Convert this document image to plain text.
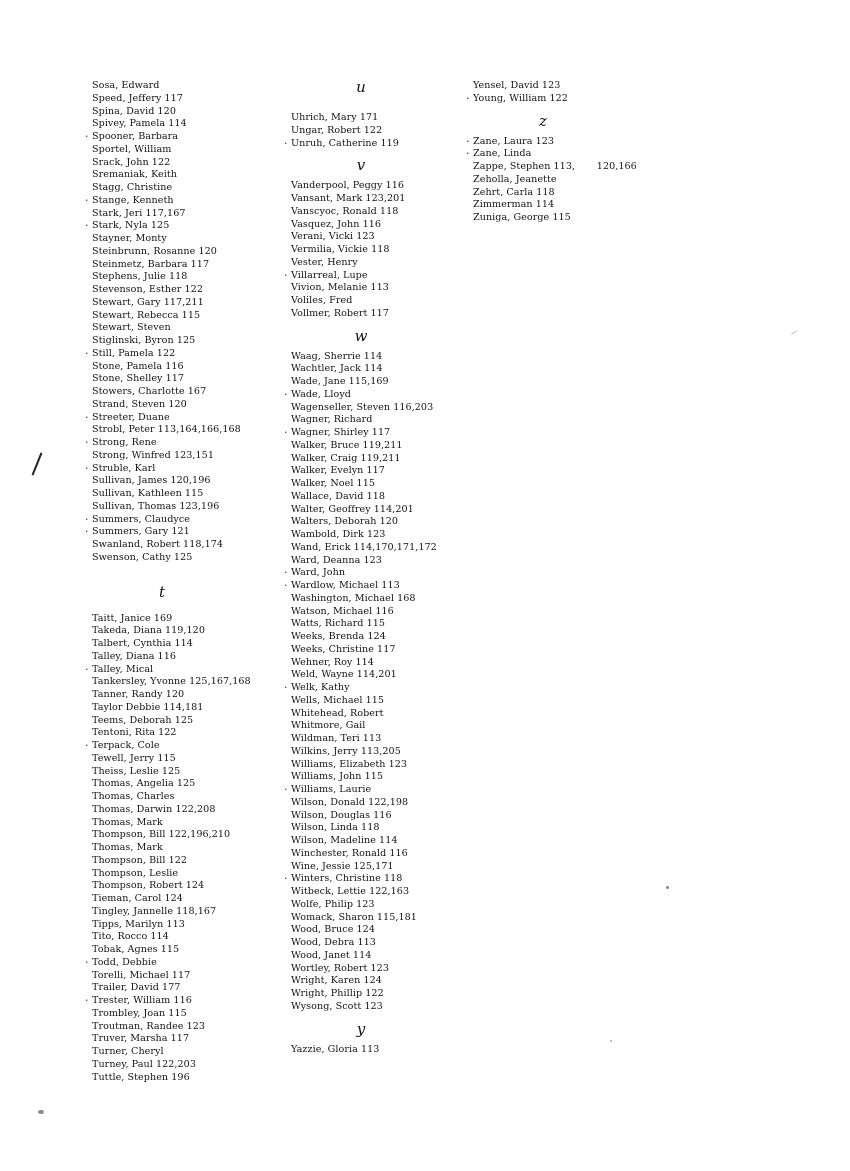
Sosa, Edward
Speed, Jeffery 117
Spina, David 120
Spivey, Pamela 114
· Spooner, Barbara
Sportel, William
Srack, John 122
Sremaniak, Keith
Stagg, Christine
· Stange, Kenneth
Stark, Jeri 117,167
· Stark, Nyla 125
Stayner, Monty
Steinbrunn, Rosanne 120
Steinmetz, Barbara 117
Stephens, Julie 118
Stevenson, Esther 122
Stewart, Gary 117,211
Stewart, Rebecca 115
Stewart, Steven
Stiglinski, Byron 125
· Still, Pamela 122
Stone, Pamela 116
Stone, Shelley 117
Stowers, Charlotte 167
Strand, Steven 120
· Streeter, Duane
Strobl, Peter 113,164,166,168
· Strong, Rene
Strong, Winfred 123,151
· Struble, Karl
Sullivan, James 120,196
Sullivan, Kathleen 115
Sullivan, Thomas 123,196
· Summers, Claudyce
· Summers, Gary 121
Swanland, Robert 118,174
Swenson, Cathy 125
t
Taitt, Janice 169
Takeda, Diana 119,120
Talbert, Cynthia 114
Talley, Diana 116
· Talley, Mical
Tankersley, Yvonne 125,167,168
Tanner, Randy 120
Taylor Debbie 114,181
Teems, Deborah 125
Tentoni, Rita 122
· Terpack, Cole
Tewell, Jerry 115
Theiss, Leslie 125
Thomas, Angelia 125
Thomas, Charles
Thomas, Darwin 122,208
Thomas, Mark
Thompson, Bill 122,196,210
Thomas, Mark
Thompson, Bill 122
Thompson, Leslie
Thompson, Robert 124
Tieman, Carol 124
Tingley, Jannelle 118,167
Tipps, Marilyn 113
Tito, Rocco 114
Tobak, Agnes 115
· Todd, Debbie
Torelli, Michael 117
Trailer, David 177
· Trester, William 116
Trombley, Joan 115
Troutman, Randee 123
Truver, Marsha 117
Turner, Cheryl
Turney, Paul 122,203
Tuttle, Stephen 196
u
Uhrich, Mary 171
Ungar, Robert 122
· Unruh, Catherine 119
v
Vanderpool, Peggy 116
Vansant, Mark 123,201
Vanscyoc, Ronald 118
Vasquez, John 116
Verani, Vicki 123
Vermilia, Vickie 118
Vester, Henry
· Villarreal, Lupe
Vivion, Melanie 113
Voliles, Fred
Vollmer, Robert 117
w
Waag, Sherrie 114
Wachtler, Jack 114
Wade, Jane 115,169
· Wade, Lloyd
Wagenseller, Steven 116,203
Wagner, Richard
· Wagner, Shirley 117
Walker, Bruce 119,211
Walker, Craig 119,211
Walker, Evelyn 117
Walker, Noel 115
Wallace, David 118
Walter, Geoffrey 114,201
Walters, Deborah 120
Wambold, Dirk 123
Wand, Erick 114,170,171,172
Ward, Deanna 123
· Ward, John
· Wardlow, Michael 113
Washington, Michael 168
Watson, Michael 116
Watts, Richard 115
Weeks, Brenda 124
Weeks, Christine 117
Wehner, Roy 114
Weld, Wayne 114,201
· Welk, Kathy
Wells, Michael 115
Whitehead, Robert
Whitmore, Gail
Wildman, Teri 113
Wilkins, Jerry 113,205
Williams, Elizabeth 123
Williams, John 115
· Williams, Laurie
Wilson, Donald 122,198
Wilson, Douglas 116
Wilson, Linda 118
Wilson, Madeline 114
Winchester, Ronald 116
Wine, Jessie 125,171
· Winters, Christine 118
Witbeck, Lettie 122,163
Wolfe, Philip 123
Womack, Sharon 115,181
Wood, Bruce 124
Wood, Debra 113
Wood, Janet 114
Wortley, Robert 123
Wright, Karen 124
Wright, Phillip 122
Wysong, Scott 123
y
Yazzie, Gloria 113
Yensel, David 123
· Young, William 122
z
· Zane, Laura 123
· Zane, Linda
Zappe, Stephen 113,       120,166
Zeholla, Jeanette
Zehrt, Carla 118
Zimmerman 114
Zuniga, George 115
